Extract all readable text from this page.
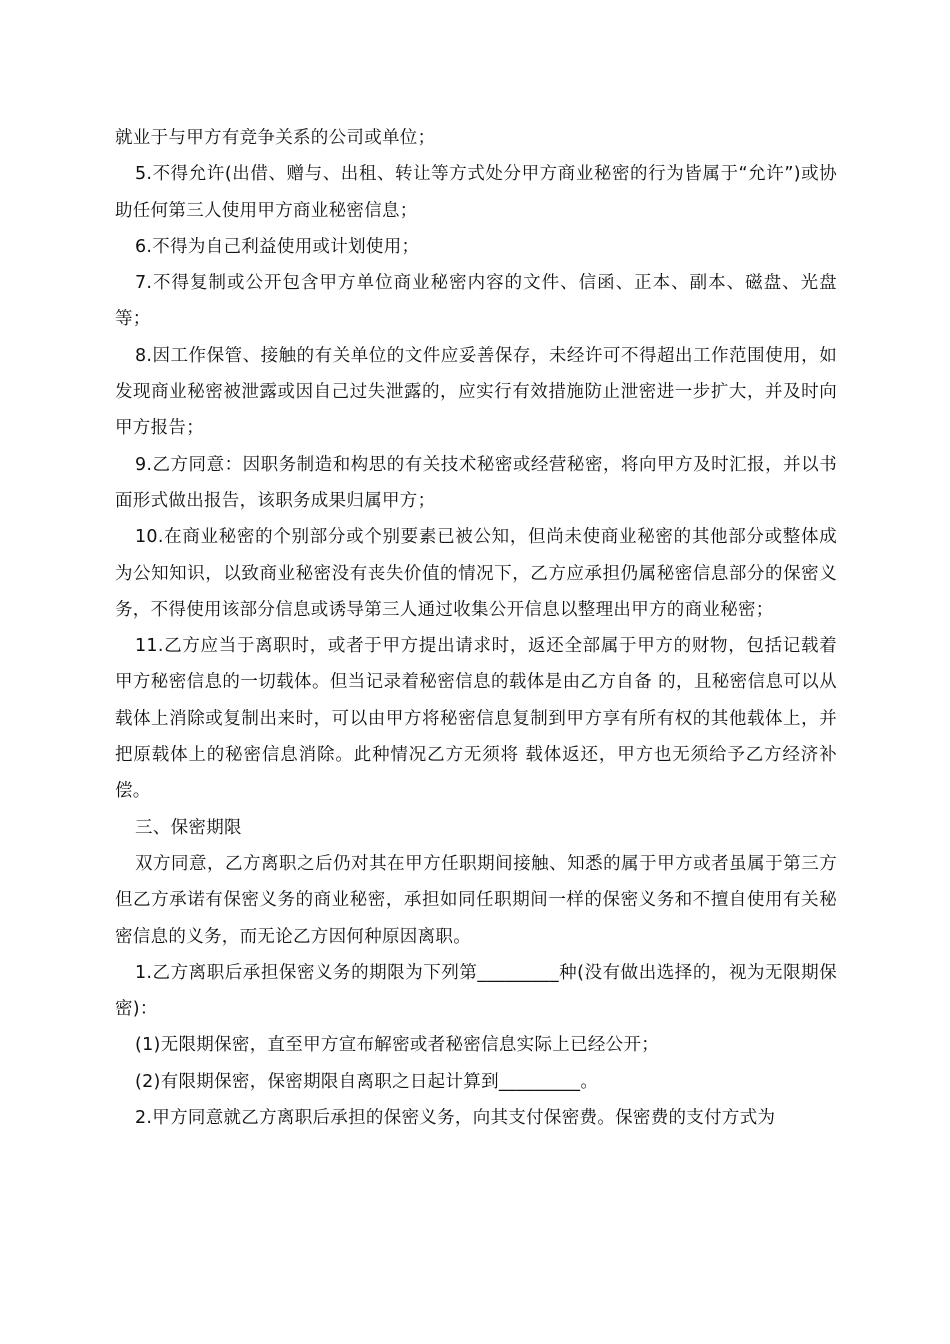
就业于与甲方有竞争关系的公司或单位；

5.不得允许(出借、赠与、出租、转让等方式处分甲方商业秘密的行为皆属于“允许”)或协助任何第三人使用甲方商业秘密信息；

6.不得为自己利益使用或计划使用；

7.不得复制或公开包含甲方单位商业秘密内容的文件、信函、正本、副本、磁盘、光盘等；

8.因工作保管、接触的有关单位的文件应妥善保存，未经许可不得超出工作范围使用，如发现商业秘密被泄露或因自己过失泄露的，应实行有效措施防止泄密进一步扩大，并及时向甲方报告；

9.乙方同意：因职务制造和构思的有关技术秘密或经营秘密，将向甲方及时汇报，并以书面形式做出报告，该职务成果归属甲方；

10.在商业秘密的个别部分或个别要素已被公知，但尚未使商业秘密的其他部分或整体成为公知知识，以致商业秘密没有丧失价值的情况下，乙方应承担仍属秘密信息部分的保密义务，不得使用该部分信息或诱导第三人通过收集公开信息以整理出甲方的商业秘密；

11.乙方应当于离职时，或者于甲方提出请求时，返还全部属于甲方的财物，包括记载着甲方秘密信息的一切载体。但当记录着秘密信息的载体是由乙方自备 的，且秘密信息可以从载体上消除或复制出来时，可以由甲方将秘密信息复制到甲方享有所有权的其他载体上，并把原载体上的秘密信息消除。此种情况乙方无须将 载体返还，甲方也无须给予乙方经济补偿。

三、保密期限

双方同意，乙方离职之后仍对其在甲方任职期间接触、知悉的属于甲方或者虽属于第三方但乙方承诺有保密义务的商业秘密，承担如同任职期间一样的保密义务和不擅自使用有关秘密信息的义务，而无论乙方因何种原因离职。

1.乙方离职后承担保密义务的期限为下列第_________种(没有做出选择的，视为无限期保密)：

(1)无限期保密，直至甲方宣布解密或者秘密信息实际上已经公开；

(2)有限期保密，保密期限自离职之日起计算到_________。

2.甲方同意就乙方离职后承担的保密义务，向其支付保密费。保密费的支付方式为
